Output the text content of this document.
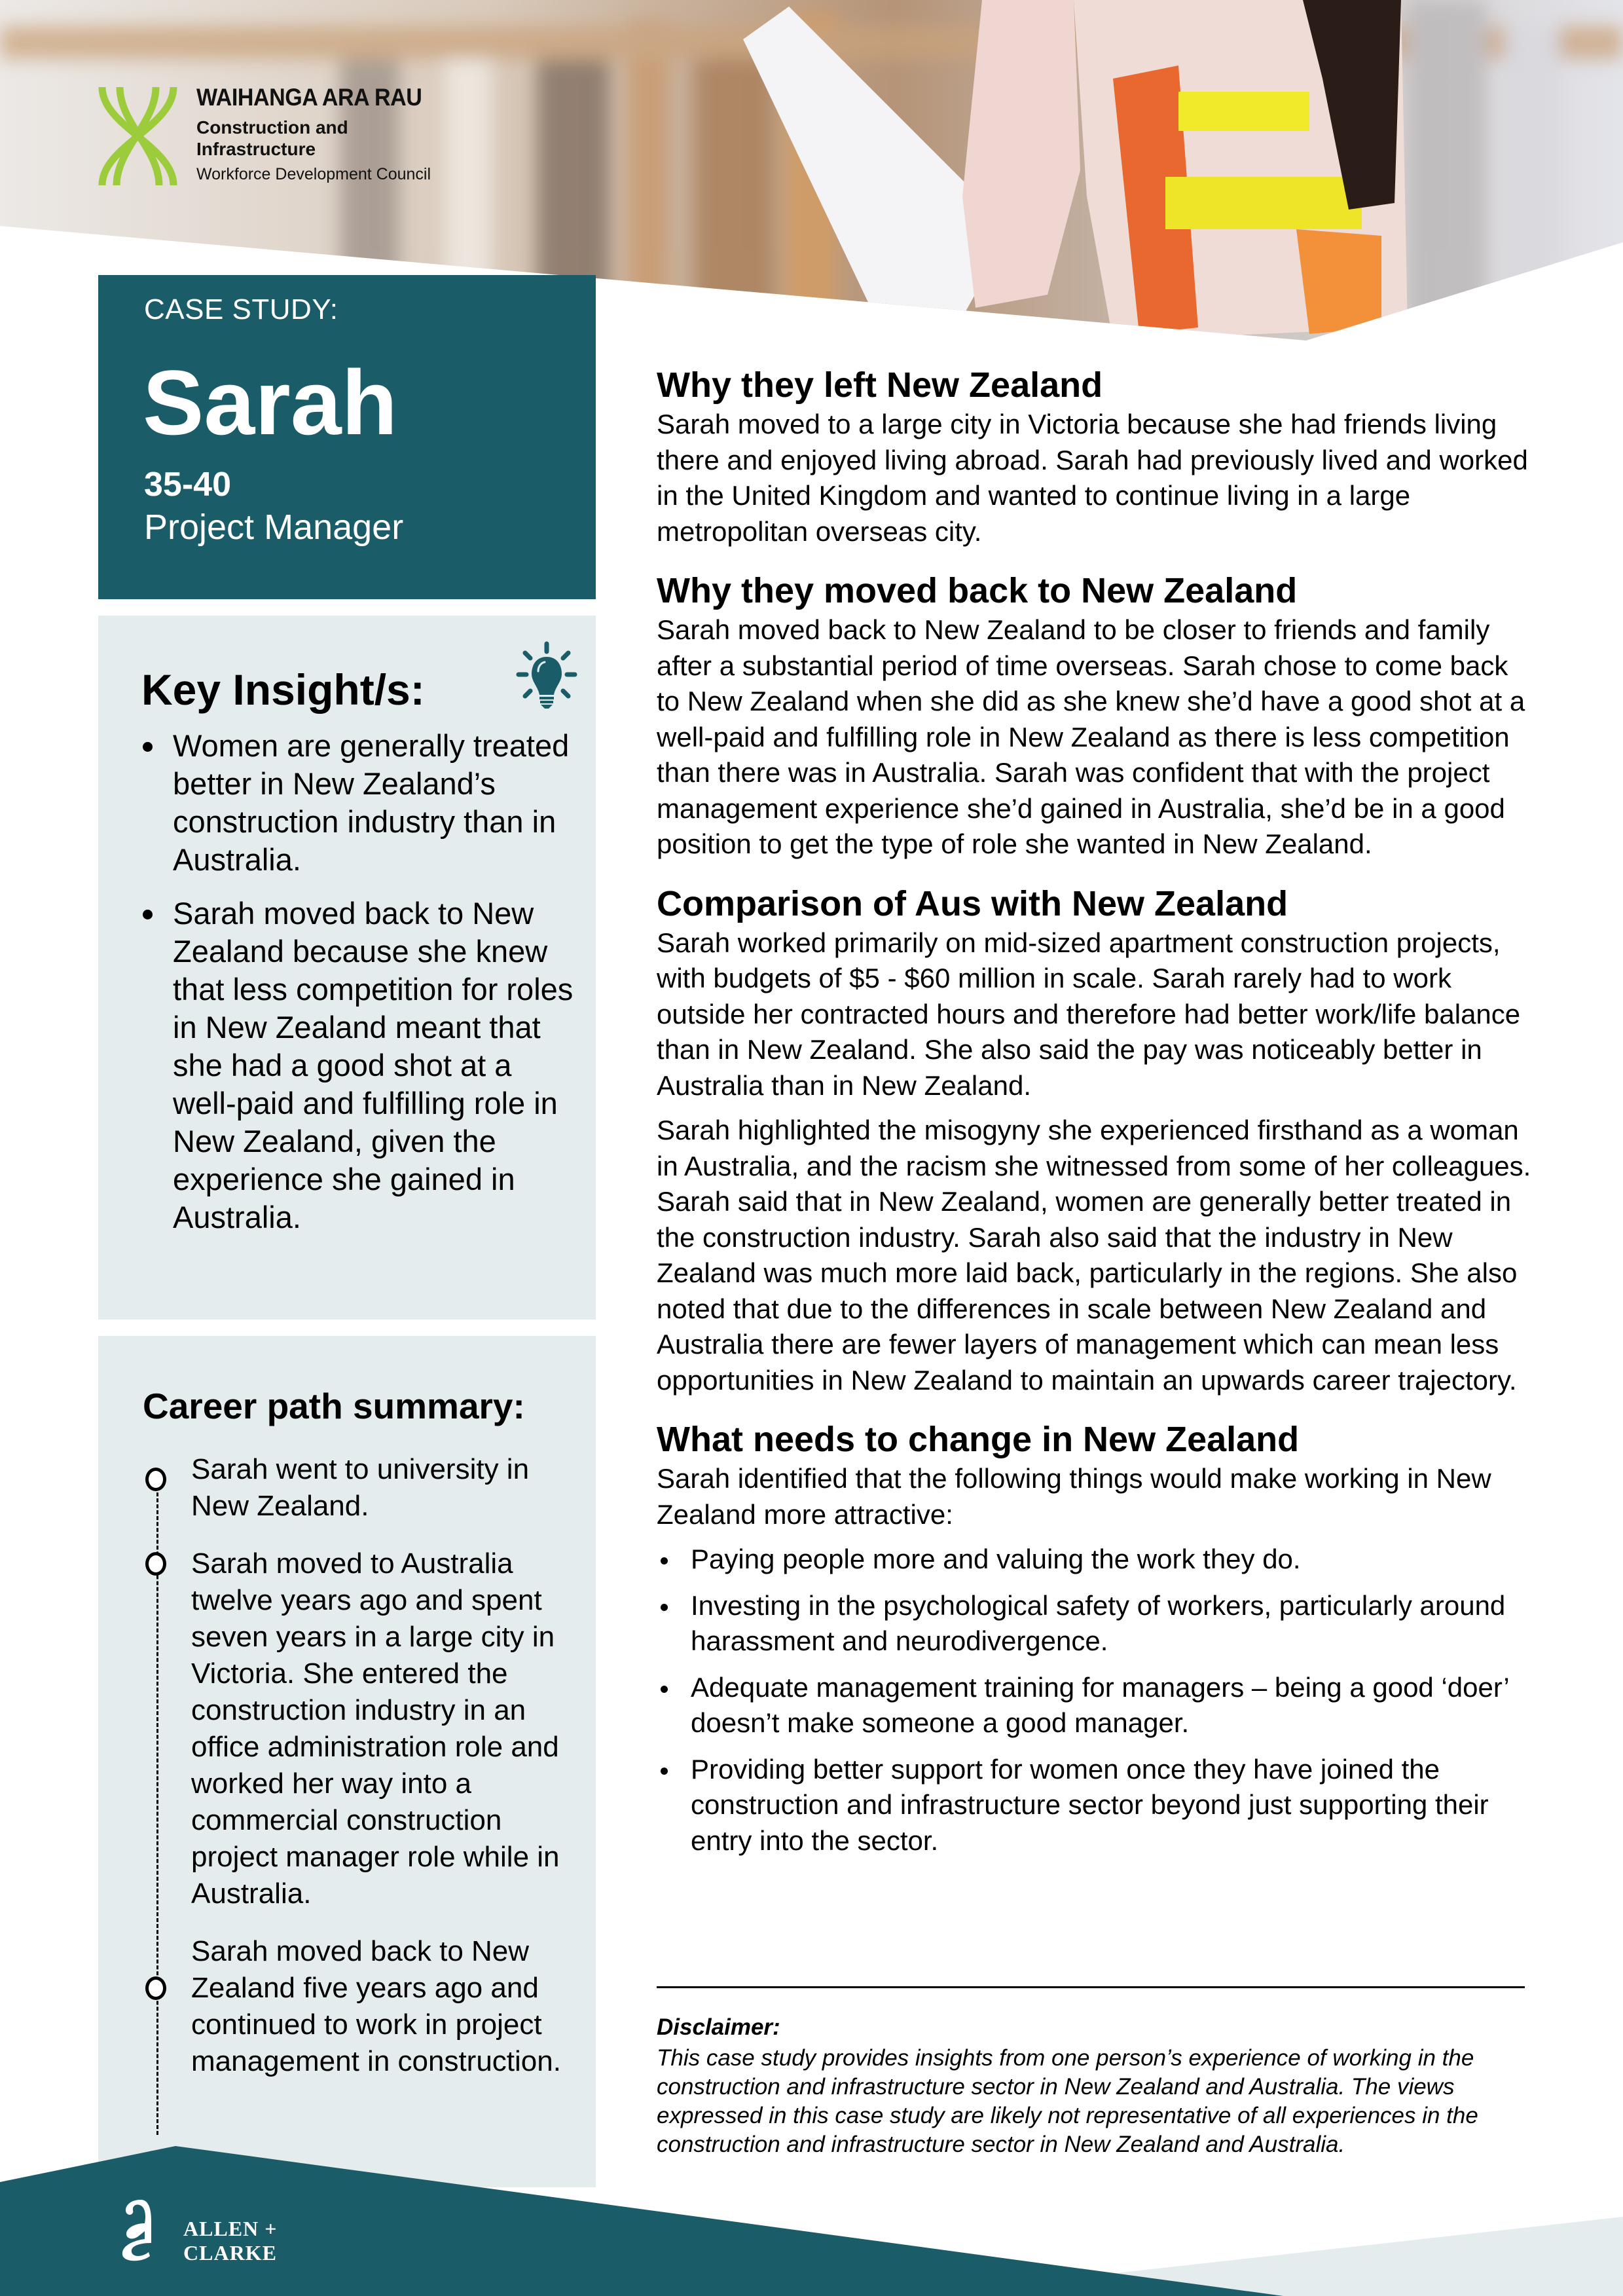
WAIHANGA ARA RAU
Construction and
Infrastructure
Workforce Development Council
CASE STUDY:
Sarah
35-40
Project Manager
Key Insight/s:
Women are generally treated better in New Zealand’s construction industry than in Australia.
Sarah moved back to New Zealand because she knew that less competition for roles in New Zealand meant that she had a good shot at a well-paid and fulfilling role in New Zealand, given the experience she gained in Australia.
Career path summary:
Sarah went to university in New Zealand.
Sarah moved to Australia twelve years ago and spent seven years in a large city in Victoria. She entered the construction industry in an office administration role and worked her way into a commercial construction project manager role while in Australia.
Sarah moved back to New Zealand five years ago and continued to work in project management in construction.
Why they left New Zealand

Sarah moved to a large city in Victoria because she had friends living there and enjoyed living abroad. Sarah had previously lived and worked in the United Kingdom and wanted to continue living in a large metropolitan overseas city.

Why they moved back to New Zealand

Sarah moved back to New Zealand to be closer to friends and family after a substantial period of time overseas. Sarah chose to come back to New Zealand when she did as she knew she’d have a good shot at a well-paid and fulfilling role in New Zealand as there is less competition than there was in Australia. Sarah was confident that with the project management experience she’d gained in Australia, she’d be in a good position to get the type of role she wanted in New Zealand.

Comparison of Aus with New Zealand

Sarah worked primarily on mid-sized apartment construction projects, with budgets of $5 - $60 million in scale. Sarah rarely had to work outside her contracted hours and therefore had better work/life balance than in New Zealand. She also said the pay was noticeably better in Australia than in New Zealand.

Sarah highlighted the misogyny she experienced firsthand as a woman in Australia, and the racism she witnessed from some of her colleagues. Sarah said that in New Zealand, women are generally better treated in the construction industry. Sarah also said that the industry in New Zealand was much more laid back, particularly in the regions. She also noted that due to the differences in scale between New Zealand and Australia there are fewer layers of management which can mean less opportunities in New Zealand to maintain an upwards career trajectory.

What needs to change in New Zealand

Sarah identified that the following things would make working in New Zealand more attractive:

Paying people more and valuing the work they do.
Investing in the psychological safety of workers, particularly around harassment and neurodivergence.
Adequate management training for managers – being a good ‘doer’ doesn’t make someone a good manager.
Providing better support for women once they have joined the construction and infrastructure sector beyond just supporting their entry into the sector.
Disclaimer:
This case study provides insights from one person’s experience of working in the construction and infrastructure sector in New Zealand and Australia. The views expressed in this case study are likely not representative of all experiences in the construction and infrastructure sector in New Zealand and Australia.
ALLEN + CLARKE
